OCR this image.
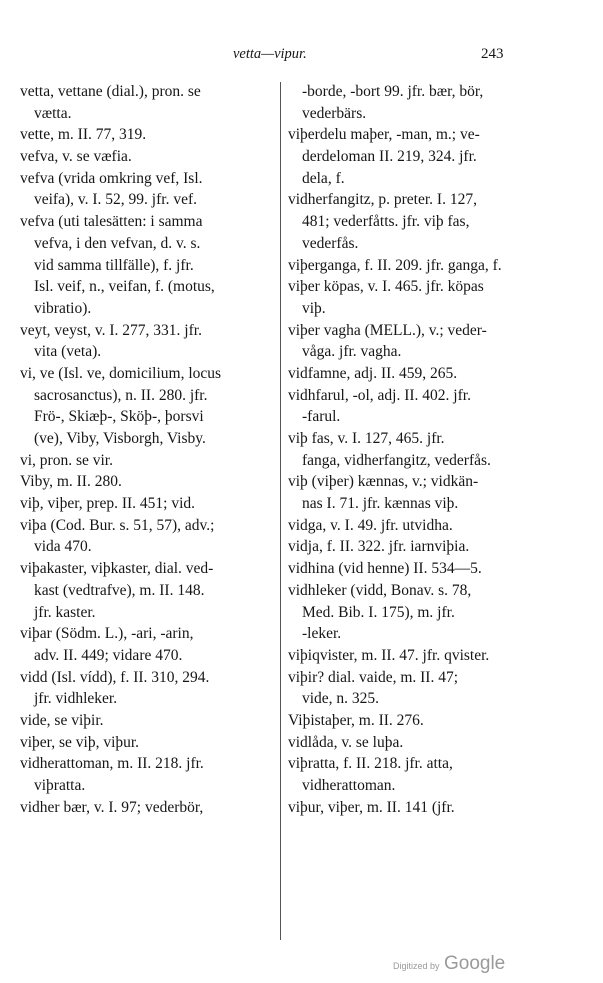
vetta—vipur.	243
vetta, vettane (dial.), pron. se
vætta.
vette, m. II. 77, 319.
vefva, v. se væfia.
vefva (vrida omkring vef, Isl.
veifa), v. I. 52, 99. jfr. vef.
vefva (uti talesätten: i samma
vefva, i den vefvan, d. v. s.
vid samma tillfälle), f. jfr.
Isl. veif, n., veifan, f. (motus,
vibratio).
veyt, veyst, v. I. 277, 331. jfr.
vita (veta).
vi, ve (Isl. ve, domicilium, locus
sacrosanctus), n. II. 280. jfr.
Frö-, Skiæþ-, Sköþ-, þorsvi
(ve), Viby, Visborgh, Visby.
vi, pron. se vir.
Viby, m. II. 280.
viþ, viþer, prep. II. 451; vid.
viþa (Cod. Bur. s. 51, 57), adv.;
vida 470.
viþakaster, viþkaster, dial. ved-
kast (vedtrafve), m. II. 148.
jfr. kaster.
viþar (Södm. L.), -ari, -arin,
adv. II. 449; vidare 470.
vidd (Isl. vídd), f. II. 310, 294.
jfr. vidhleker.
vide, se viþir.
viþer, se viþ, viþur.
vidherattoman, m. II. 218. jfr.
viþratta.
vidher bær, v. I. 97; vederbör,
-borde, -bort 99. jfr. bær, bör,
vederbärs.
viþerdelu maþer, -man, m.; ve-
derdeloman II. 219, 324. jfr.
dela, f.
vidherfangitz, p. preter. I. 127,
481; vederfåtts. jfr. viþ fas,
vederfås.
viþerganga, f. II. 209. jfr. ganga, f.
viþer köpas, v. I. 465. jfr. köpas
viþ.
viþer vagha (MELL.), v.; veder-
våga. jfr. vagha.
vidfamne, adj. II. 459, 265.
vidhfarul, -ol, adj. II. 402. jfr.
-farul.
viþ fas, v. I. 127, 465. jfr.
fanga, vidherfangitz, vederfås.
viþ (viþer) kænnas, v.; vidkän-
nas I. 71. jfr. kænnas viþ.
vidga, v. I. 49. jfr. utvidha.
vidja, f. II. 322. jfr. iarnviþia.
vidhina (vid henne) II. 534—5.
vidhleker (vidd, Bonav. s. 78,
Med. Bib. I. 175), m. jfr.
-leker.
viþiqvister, m. II. 47. jfr. qvister.
viþir? dial. vaide, m. II. 47;
vide, n. 325.
Viþistaþer, m. II. 276.
vidlåda, v. se luþa.
viþratta, f. II. 218. jfr. atta,
vidherattoman.
viþur, viþer, m. II. 141 (jfr.
Digitized by Google
